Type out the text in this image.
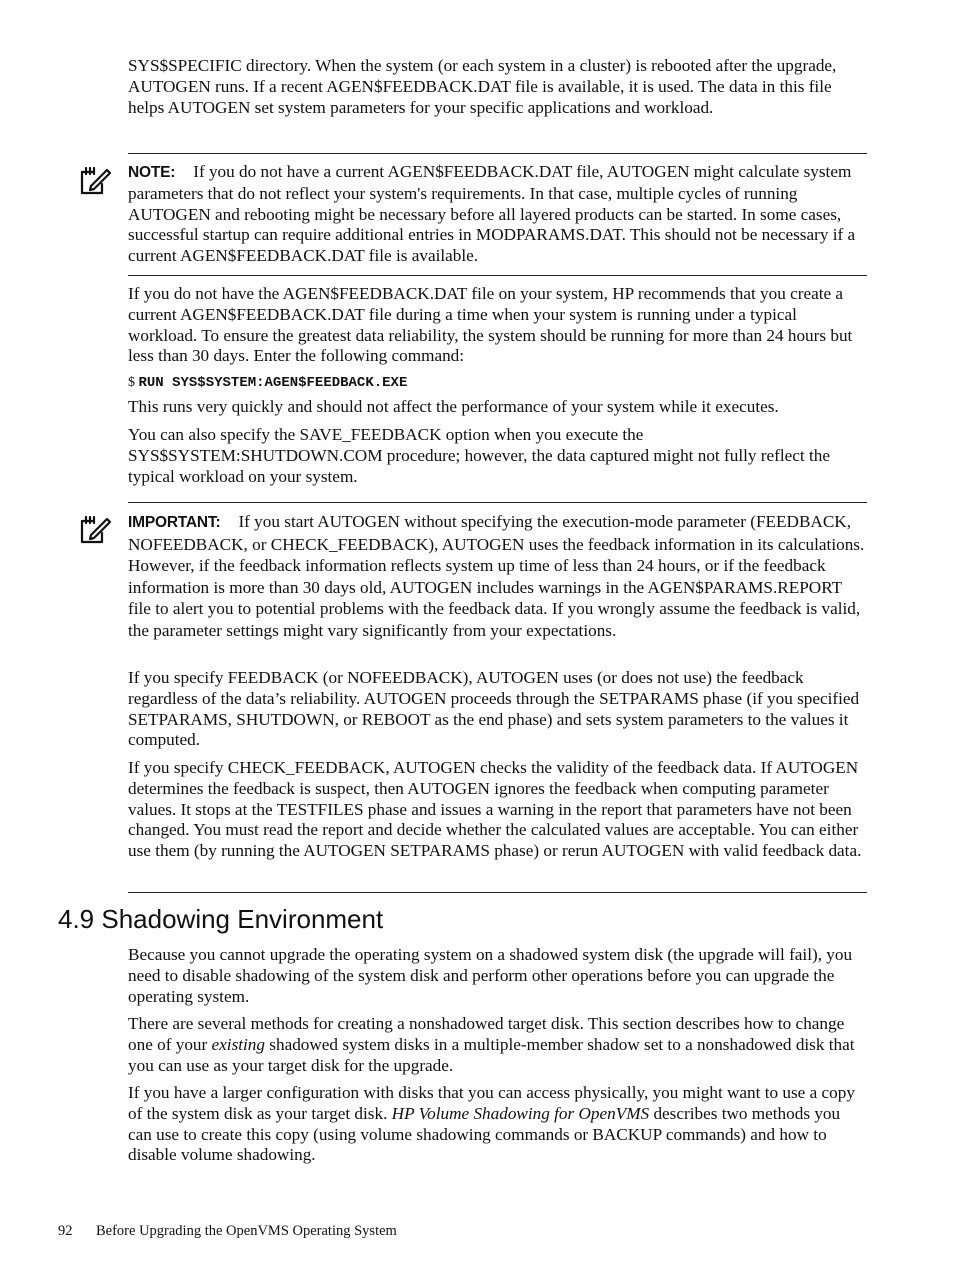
SYS$SPECIFIC directory. When the system (or each system in a cluster) is rebooted after the upgrade, AUTOGEN runs. If a recent AGEN$FEEDBACK.DAT file is available, it is used. The data in this file helps AUTOGEN set system parameters for your specific applications and workload.

NOTE: If you do not have a current AGEN$FEEDBACK.DAT file, AUTOGEN might calculate system parameters that do not reflect your system's requirements. In that case, multiple cycles of running AUTOGEN and rebooting might be necessary before all layered products can be started. In some cases, successful startup can require additional entries in MODPARAMS.DAT. This should not be necessary if a current AGEN$FEEDBACK.DAT file is available.

If you do not have the AGEN$FEEDBACK.DAT file on your system, HP recommends that you create a current AGEN$FEEDBACK.DAT file during a time when your system is running under a typical workload. To ensure the greatest data reliability, the system should be running for more than 24 hours but less than 30 days. Enter the following command:

$ RUN SYS$SYSTEM:AGEN$FEEDBACK.EXE

This runs very quickly and should not affect the performance of your system while it executes.

You can also specify the SAVE_FEEDBACK option when you execute the SYS$SYSTEM:SHUTDOWN.COM procedure; however, the data captured might not fully reflect the typical workload on your system.

IMPORTANT: If you start AUTOGEN without specifying the execution-mode parameter (FEEDBACK, NOFEEDBACK, or CHECK_FEEDBACK), AUTOGEN uses the feedback information in its calculations. However, if the feedback information reflects system up time of less than 24 hours, or if the feedback information is more than 30 days old, AUTOGEN includes warnings in the AGEN$PARAMS.REPORT file to alert you to potential problems with the feedback data. If you wrongly assume the feedback is valid, the parameter settings might vary significantly from your expectations.

If you specify FEEDBACK (or NOFEEDBACK), AUTOGEN uses (or does not use) the feedback regardless of the data’s reliability. AUTOGEN proceeds through the SETPARAMS phase (if you specified SETPARAMS, SHUTDOWN, or REBOOT as the end phase) and sets system parameters to the values it computed.

If you specify CHECK_FEEDBACK, AUTOGEN checks the validity of the feedback data. If AUTOGEN determines the feedback is suspect, then AUTOGEN ignores the feedback when computing parameter values. It stops at the TESTFILES phase and issues a warning in the report that parameters have not been changed. You must read the report and decide whether the calculated values are acceptable. You can either use them (by running the AUTOGEN SETPARAMS phase) or rerun AUTOGEN with valid feedback data.

4.9 Shadowing Environment

Because you cannot upgrade the operating system on a shadowed system disk (the upgrade will fail), you need to disable shadowing of the system disk and perform other operations before you can upgrade the operating system.

There are several methods for creating a nonshadowed target disk. This section describes how to change one of your existing shadowed system disks in a multiple-member shadow set to a nonshadowed disk that you can use as your target disk for the upgrade.

If you have a larger configuration with disks that you can access physically, you might want to use a copy of the system disk as your target disk. HP Volume Shadowing for OpenVMS describes two methods you can use to create this copy (using volume shadowing commands or BACKUP commands) and how to disable volume shadowing.

92 Before Upgrading the OpenVMS Operating System
